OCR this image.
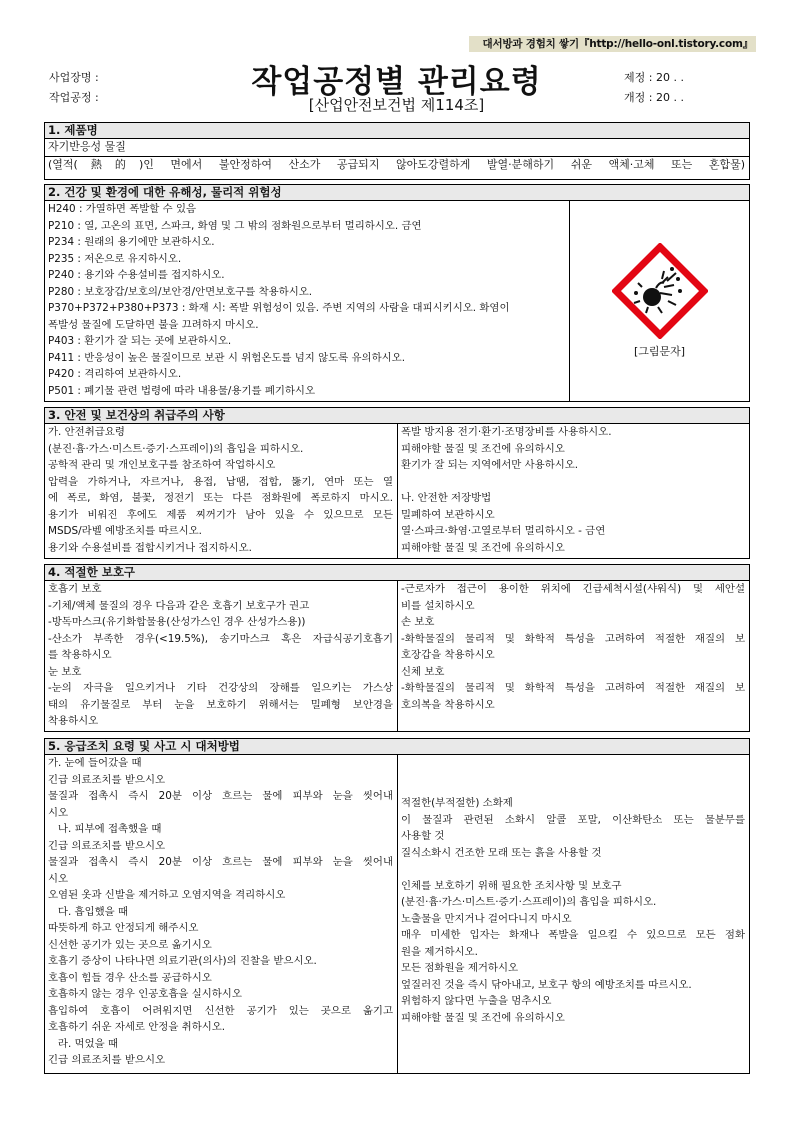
대서방과 경험치 쌓기『http://hello-onl.tistory.com』
사업장명 :
작업공정 :
제정 : 20 . .
개정 : 20 . .
작업공정별 관리요령
[산업안전보건법 제114조]
1. 제품명
자기반응성 물질
(열적(熱的)인 면에서 불안정하여 산소가 공급되지 않아도강렬하게 발열·분해하기 쉬운 액체·고체 또는 혼합물)
2. 건강 및 환경에 대한 유해성, 물리적 위험성
H240 : 가열하면 폭발할 수 있음
P210 : 열, 고온의 표면, 스파크, 화염 및 그 밖의 점화원으로부터 멀리하시오. 금연
P234 : 원래의 용기에만 보관하시오.
P235 : 저온으로 유지하시오.
P240 : 용기와 수용설비를 접지하시오.
P280 : 보호장갑/보호의/보안경/안면보호구를 착용하시오.
P370+P372+P380+P373 : 화재 시: 폭발 위험성이 있음. 주변 지역의 사람을 대피시키시오. 화염이
폭발성 물질에 도달하면 불을 끄려하지 마시오.
P403 : 환기가 잘 되는 곳에 보관하시오.
P411 : 반응성이 높은 물질이므로 보관 시 위험온도를 넘지 않도록 유의하시오.
P420 : 격리하여 보관하시오.
P501 : 폐기물 관련 법령에 따라 내용물/용기를 폐기하시오
[그림문자]
3. 안전 및 보건상의 취급주의 사항
가. 안전취급요령
(분진·흄·가스·미스트·증기·스프레이)의 흡입을 피하시오.
공학적 관리 및 개인보호구를 참조하여 작업하시오
압력을 가하거나, 자르거나, 용접, 납땜, 접합, 뚫기, 연마 또는 열
에 폭로, 화염, 불꽃, 정전기 또는 다른 점화원에 폭로하지 마시오.
용기가 비워진 후에도 제품 찌꺼기가 남아 있을 수 있으므로 모든
MSDS/라벨 예방조치를 따르시오.
용기와 수용설비를 접합시키거나 접지하시오.
폭발 방지용 전기·환기·조명장비를 사용하시오.
피해야할 물질 및 조건에 유의하시오
환기가 잘 되는 지역에서만 사용하시오.
나. 안전한 저장방법
밀폐하여 보관하시오
열·스파크·화염·고열로부터 멀리하시오 - 금연
피해야할 물질 및 조건에 유의하시오
4. 적절한 보호구
호흡기 보호
-기체/액체 물질의 경우 다음과 같은 호흡기 보호구가 권고
-방독마스크(유기화합물용(산성가스인 경우 산성가스용))
-산소가 부족한 경우(<19.5%), 송기마스크 혹은 자급식공기호흡기
를 착용하시오
눈 보호
-눈의 자극을 일으키거나 기타 건강상의 장해를 일으키는 가스상
태의 유기물질로 부터 눈을 보호하기 위해서는 밀폐형 보안경을
착용하시오
-근로자가 접근이 용이한 위치에 긴급세척시설(샤워식) 및 세안설
비를 설치하시오
손 보호
-화학물질의 물리적 및 화학적 특성을 고려하여 적절한 재질의 보
호장갑을 착용하시오
신체 보호
-화학물질의 물리적 및 화학적 특성을 고려하여 적절한 재질의 보
호의복을 착용하시오
5. 응급조치 요령 및 사고 시 대처방법
가. 눈에 들어갔을 때
긴급 의료조치를 받으시오
물질과 접촉시 즉시 20분 이상 흐르는 물에 피부와 눈을 씻어내
시오
나. 피부에 접촉했을 때
긴급 의료조치를 받으시오
물질과 접촉시 즉시 20분 이상 흐르는 물에 피부와 눈을 씻어내
시오
오염된 옷과 신발을 제거하고 오염지역을 격리하시오
다. 흡입했을 때
따뜻하게 하고 안정되게 해주시오
신선한 공기가 있는 곳으로 옮기시오
호흡기 증상이 나타나면 의료기관(의사)의 진찰을 받으시오.
호흡이 힘들 경우 산소를 공급하시오
호흡하지 않는 경우 인공호흡을 실시하시오
흡입하여 호흡이 어려워지면 신선한 공기가 있는 곳으로 옮기고
호흡하기 쉬운 자세로 안정을 취하시오.
라. 먹었을 때
긴급 의료조치를 받으시오
적절한(부적절한) 소화제
이 물질과 관련된 소화시 알콜 포말, 이산화탄소 또는 물분무를
사용할 것
질식소화시 건조한 모래 또는 흙을 사용할 것
인체를 보호하기 위해 필요한 조치사항 및 보호구
(분진·흄·가스·미스트·증기·스프레이)의 흡입을 피하시오.
노출물을 만지거나 걸어다니지 마시오
매우 미세한 입자는 화재나 폭발을 일으킬 수 있으므로 모든 점화
원을 제거하시오.
모든 점화원을 제거하시오
엎질러진 것을 즉시 닦아내고, 보호구 항의 예방조치를 따르시오.
위험하지 않다면 누출을 멈추시오
피해야할 물질 및 조건에 유의하시오
